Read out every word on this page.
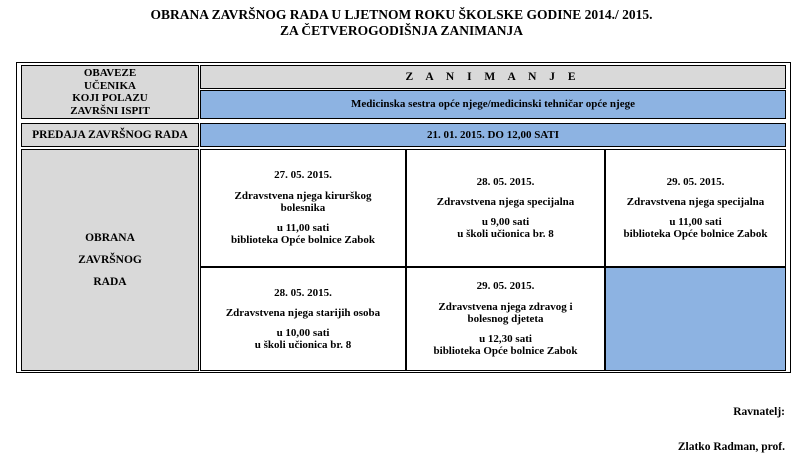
OBRANA ZAVRŠNOG RADA U LJETNOM ROKU ŠKOLSKE GODINE 2014./ 2015.
ZA ČETVEROGODIŠNJA ZANIMANJA
OBAVEZE
UČENIKA
KOJI POLAZU
ZAVRŠNI ISPIT
Z A N I M A N J E
Medicinska sestra opće njege/medicinski tehničar opće njege
PREDAJA ZAVRŠNOG RADA	21. 01. 2015. DO 12,00 SATI
OBRANA
ZAVRŠNOG
RADA
27. 05. 2015.
Zdravstvena njega kirurškog
bolesnika
u 11,00 sati
biblioteka Opće bolnice Zabok
28. 05. 2015.
Zdravstvena njega specijalna
u 9,00 sati
u školi učionica br. 8
29. 05. 2015.
Zdravstvena njega specijalna
u 11,00 sati
biblioteka Opće bolnice Zabok
28. 05. 2015.
Zdravstvena njega starijih osoba
u 10,00 sati
u školi učionica br. 8
29. 05. 2015.
Zdravstvena njega zdravog i
bolesnog djeteta
u 12,30 sati
biblioteka Opće bolnice Zabok
Ravnatelj:
Zlatko Radman, prof.
